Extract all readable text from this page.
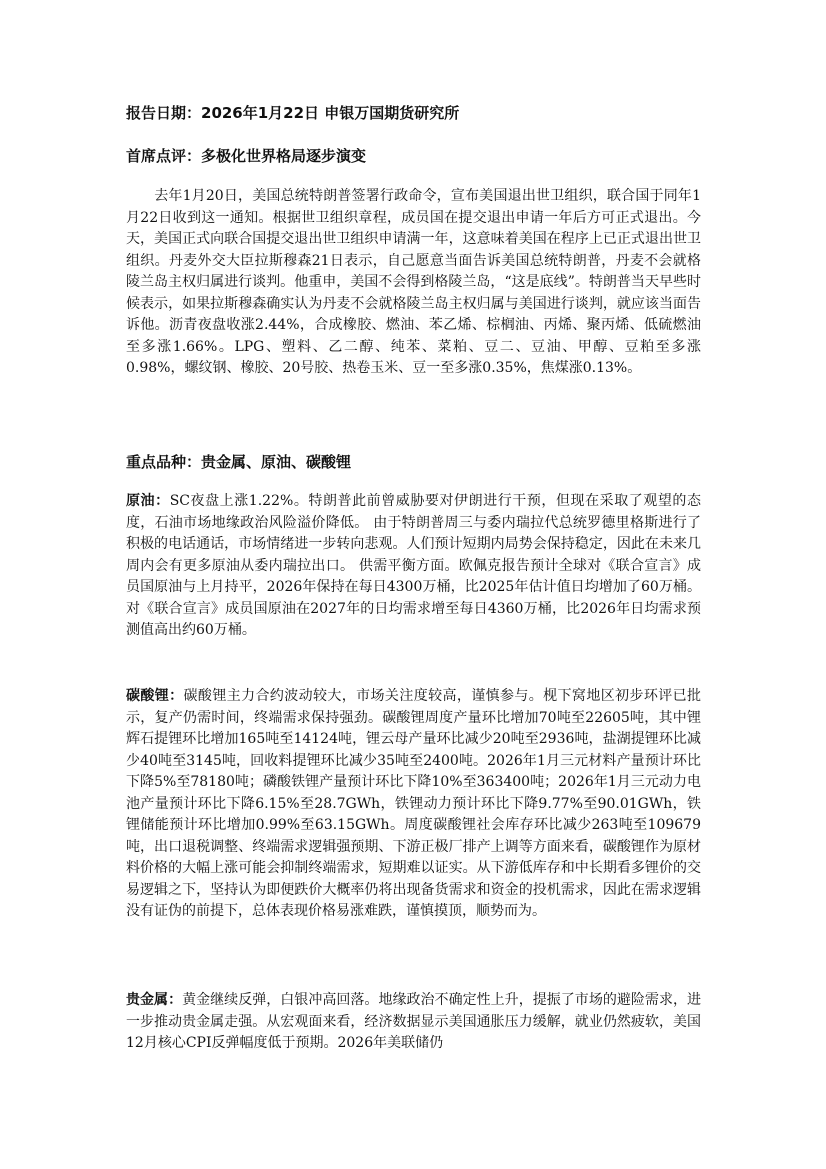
报告日期：2026年1月22日 申银万国期货研究所

首席点评：多极化世界格局逐步演变

去年1月20日，美国总统特朗普签署行政命令，宣布美国退出世卫组织，联合国于同年1月22日收到这一通知。根据世卫组织章程，成员国在提交退出申请一年后方可正式退出。今天，美国正式向联合国提交退出世卫组织申请满一年，这意味着美国在程序上已正式退出世卫组织。丹麦外交大臣拉斯穆森21日表示，自己愿意当面告诉美国总统特朗普，丹麦不会就格陵兰岛主权归属进行谈判。他重申，美国不会得到格陵兰岛，“这是底线”。特朗普当天早些时候表示，如果拉斯穆森确实认为丹麦不会就格陵兰岛主权归属与美国进行谈判，就应该当面告诉他。沥青夜盘收涨2.44%，合成橡胶、燃油、苯乙烯、棕榈油、丙烯、聚丙烯、低硫燃油至多涨1.66%。LPG、塑料、乙二醇、纯苯、菜粕、豆二、豆油、甲醇、豆粕至多涨0.98%，螺纹钢、橡胶、20号胶、热卷玉米、豆一至多涨0.35%，焦煤涨0.13%。

重点品种：贵金属、原油、碳酸锂

原油：SC夜盘上涨1.22%。特朗普此前曾威胁要对伊朗进行干预，但现在采取了观望的态度，石油市场地缘政治风险溢价降低。 由于特朗普周三与委内瑞拉代总统罗德里格斯进行了积极的电话通话，市场情绪进一步转向悲观。人们预计短期内局势会保持稳定，因此在未来几周内会有更多原油从委内瑞拉出口。 供需平衡方面。欧佩克报告预计全球对《联合宣言》成员国原油与上月持平，2026年保持在每日4300万桶，比2025年估计值日均增加了60万桶。对《联合宣言》成员国原油在2027年的日均需求增至每日4360万桶，比2026年日均需求预测值高出约60万桶。

碳酸锂：碳酸锂主力合约波动较大，市场关注度较高，谨慎参与。枧下窝地区初步环评已批示，复产仍需时间，终端需求保持强劲。碳酸锂周度产量环比增加70吨至22605吨，其中锂辉石提锂环比增加165吨至14124吨，锂云母产量环比减少20吨至2936吨，盐湖提锂环比减少40吨至3145吨，回收料提锂环比减少35吨至2400吨。2026年1月三元材料产量预计环比下降5%至78180吨；磷酸铁锂产量预计环比下降10%至363400吨；2026年1月三元动力电池产量预计环比下降6.15%至28.7GWh，铁锂动力预计环比下降9.77%至90.01GWh，铁锂储能预计环比增加0.99%至63.15GWh。周度碳酸锂社会库存环比减少263吨至109679吨，出口退税调整、终端需求逻辑强预期、下游正极厂排产上调等方面来看，碳酸锂作为原材料价格的大幅上涨可能会抑制终端需求，短期难以证实。从下游低库存和中长期看多锂价的交易逻辑之下，坚持认为即便跌价大概率仍将出现备货需求和资金的投机需求，因此在需求逻辑没有证伪的前提下，总体表现价格易涨难跌，谨慎摸顶，顺势而为。

贵金属：黄金继续反弹，白银冲高回落。地缘政治不确定性上升，提振了市场的避险需求，进一步推动贵金属走强。从宏观面来看，经济数据显示美国通胀压力缓解，就业仍然疲软，美国12月核心CPI反弹幅度低于预期。2026年美联储仍
